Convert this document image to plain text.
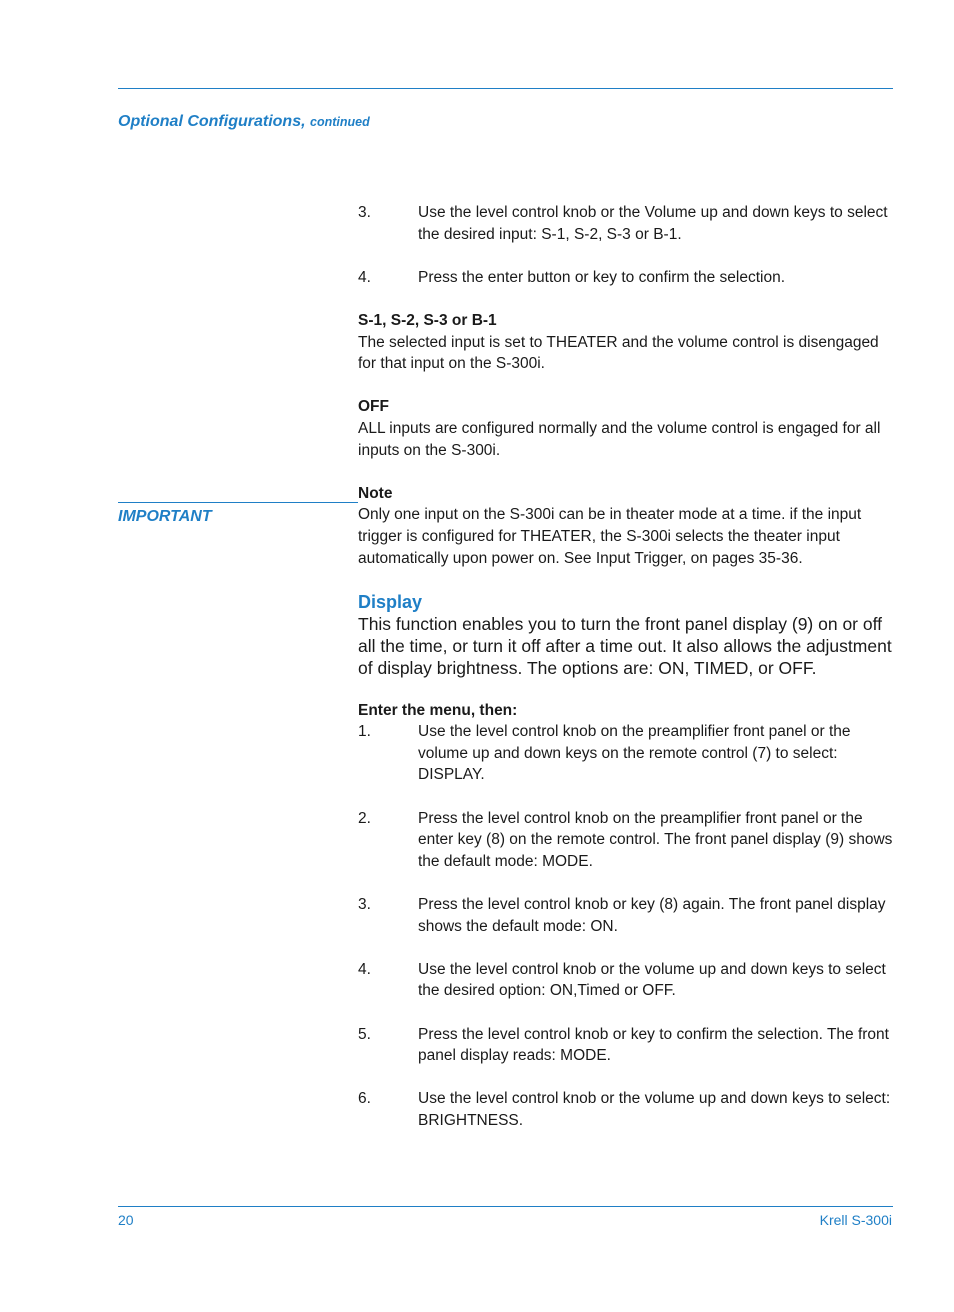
Optional Configurations, continued
IMPORTANT
3.	Use the level control knob or the Volume up and down keys to select the desired input: S-1, S-2, S-3 or B-1.
4.	Press the enter button or key to confirm the selection.
S-1, S-2, S-3 or B-1
The selected input is set to THEATER and the volume control is disengaged for that input on the S-300i.
OFF
ALL inputs are configured normally and the volume control is engaged for all inputs on the S-300i.
Note
Only one input on the S-300i can be in theater mode at a time. if the input trigger is configured for THEATER, the S-300i selects the theater input automatically upon power on. See Input Trigger, on pages 35-36.
Display
This function enables you to turn the front panel display (9) on or off all the time, or turn it off after a time out. It also allows the adjustment of display brightness. The options are: ON, TIMED, or OFF.
Enter the menu, then:
1.	Use the level control knob on the preamplifier front panel or the volume up and down keys on the remote control (7) to select: DISPLAY.
2.	Press the level control knob on the preamplifier front panel or the enter key (8) on the remote control. The front panel display (9) shows the default mode: MODE.
3.	Press the level control knob or key (8) again. The front panel display shows the default mode: ON.
4.	Use the level control knob or the volume up and down keys to select the desired option: ON,Timed or OFF.
5.	Press the level control knob or key to confirm the selection. The front panel display reads: MODE.
6.	Use the level control knob or the volume up and down keys to select: BRIGHTNESS.
20	Krell S-300i
